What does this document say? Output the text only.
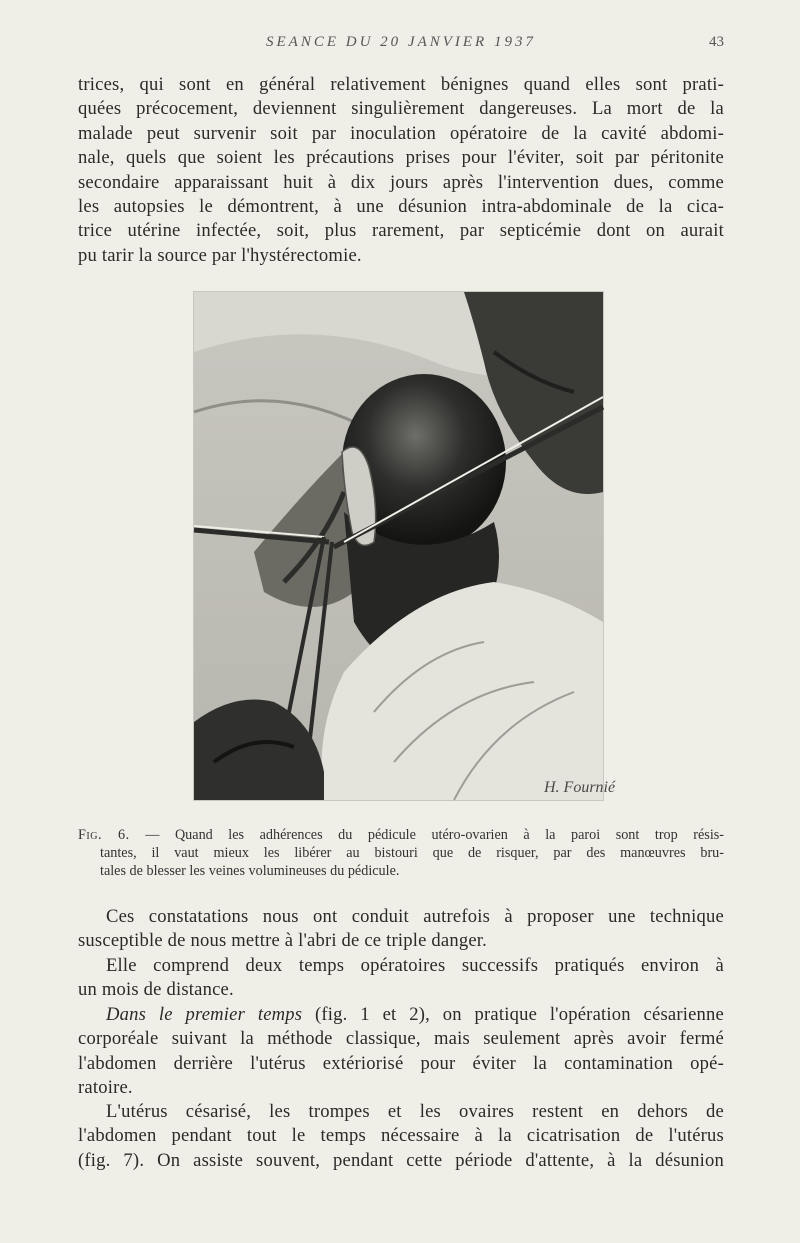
SEANCE DU 20 JANVIER 1937	43
trices, qui sont en général relativement bénignes quand elles sont prati-
quées précocement, deviennent singulièrement dangereuses. La mort de la
malade peut survenir soit par inoculation opératoire de la cavité abdomi-
nale, quels que soient les précautions prises pour l'éviter, soit par péritonite
secondaire apparaissant huit à dix jours après l'intervention dues, comme
les autopsies le démontrent, à une désunion intra-abdominale de la cica-
trice utérine infectée, soit, plus rarement, par septicémie dont on aurait
pu tarir la source par l'hystérectomie.
H. Fournié
Fig. 6. — Quand les adhérences du pédicule utéro-ovarien à la paroi sont trop résis-
tantes, il vaut mieux les libérer au bistouri que de risquer, par des manœuvres bru-
tales de blesser les veines volumineuses du pédicule.
Ces constatations nous ont conduit autrefois à proposer une technique
susceptible de nous mettre à l'abri de ce triple danger.
Elle comprend deux temps opératoires successifs pratiqués environ à
un mois de distance.
Dans le premier temps (fig. 1 et 2), on pratique l'opération césarienne
corporéale suivant la méthode classique, mais seulement après avoir fermé
l'abdomen derrière l'utérus extériorisé pour éviter la contamination opé-
ratoire.
L'utérus césarisé, les trompes et les ovaires restent en dehors de
l'abdomen pendant tout le temps nécessaire à la cicatrisation de l'utérus
(fig. 7). On assiste souvent, pendant cette période d'attente, à la désunion
